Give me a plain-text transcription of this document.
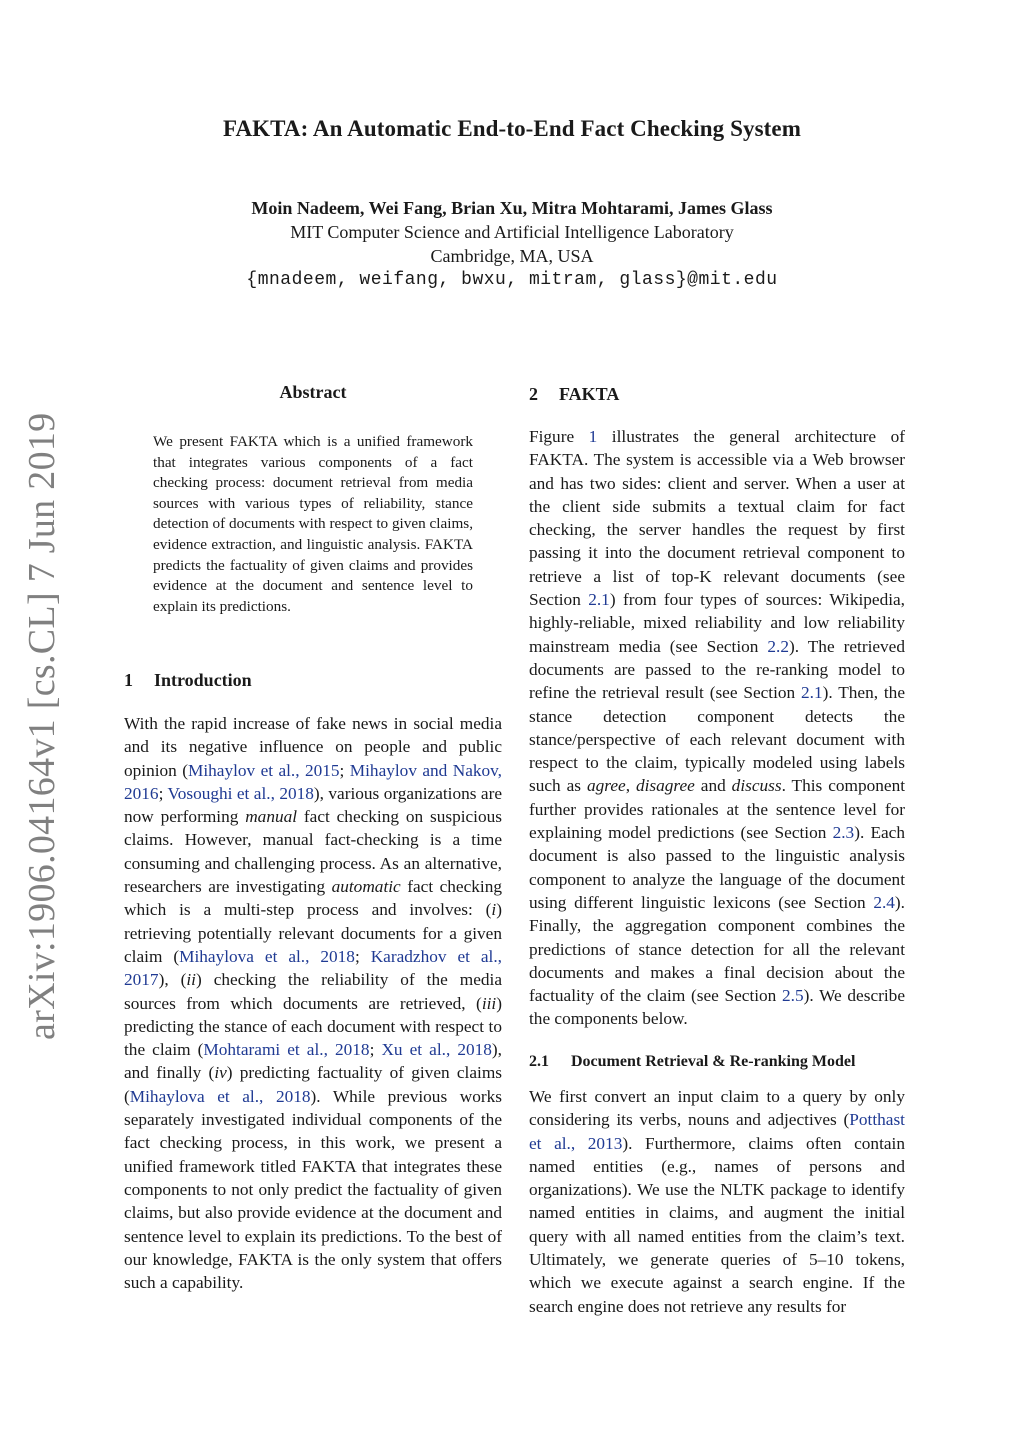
FAKTA: An Automatic End-to-End Fact Checking System
Moin Nadeem, Wei Fang, Brian Xu, Mitra Mohtarami, James Glass
MIT Computer Science and Artificial Intelligence Laboratory
Cambridge, MA, USA
{mnadeem, weifang, bwxu, mitram, glass}@mit.edu
arXiv:1906.04164v1 [cs.CL] 7 Jun 2019
Abstract
We present FAKTA which is a unified framework that integrates various components of a fact checking process: document retrieval from media sources with various types of reliability, stance detection of documents with respect to given claims, evidence extraction, and linguistic analysis. FAKTA predicts the factuality of given claims and provides evidence at the document and sentence level to explain its predictions.
1 Introduction

With the rapid increase of fake news in social media and its negative influence on people and public opinion (Mihaylov et al., 2015; Mihaylov and Nakov, 2016; Vosoughi et al., 2018), various organizations are now performing manual fact checking on suspicious claims. However, manual fact-checking is a time consuming and challenging process. As an alternative, researchers are investigating automatic fact checking which is a multi-step process and involves: (i) retrieving potentially relevant documents for a given claim (Mihaylova et al., 2018; Karadzhov et al., 2017), (ii) checking the reliability of the media sources from which documents are retrieved, (iii) predicting the stance of each document with respect to the claim (Mohtarami et al., 2018; Xu et al., 2018), and finally (iv) predicting factuality of given claims (Mihaylova et al., 2018). While previous works separately investigated individual components of the fact checking process, in this work, we present a unified framework titled FAKTA that integrates these components to not only predict the factuality of given claims, but also provide evidence at the document and sentence level to explain its predictions. To the best of our knowledge, FAKTA is the only system that offers such a capability.

2 FAKTA

Figure 1 illustrates the general architecture of FAKTA. The system is accessible via a Web browser and has two sides: client and server. When a user at the client side submits a textual claim for fact checking, the server handles the request by first passing it into the document retrieval component to retrieve a list of top-K relevant documents (see Section 2.1) from four types of sources: Wikipedia, highly-reliable, mixed reliability and low reliability mainstream media (see Section 2.2). The retrieved documents are passed to the re-ranking model to refine the retrieval result (see Section 2.1). Then, the stance detection component detects the stance/perspective of each relevant document with respect to the claim, typically modeled using labels such as agree, disagree and discuss. This component further provides rationales at the sentence level for explaining model predictions (see Section 2.3). Each document is also passed to the linguistic analysis component to analyze the language of the document using different linguistic lexicons (see Section 2.4). Finally, the aggregation component combines the predictions of stance detection for all the relevant documents and makes a final decision about the factuality of the claim (see Section 2.5). We describe the components below.

2.1 Document Retrieval & Re-ranking Model

We first convert an input claim to a query by only considering its verbs, nouns and adjectives (Potthast et al., 2013). Furthermore, claims often contain named entities (e.g., names of persons and organizations). We use the NLTK package to identify named entities in claims, and augment the initial query with all named entities from the claim’s text. Ultimately, we generate queries of 5–10 tokens, which we execute against a search engine. If the search engine does not retrieve any results for
